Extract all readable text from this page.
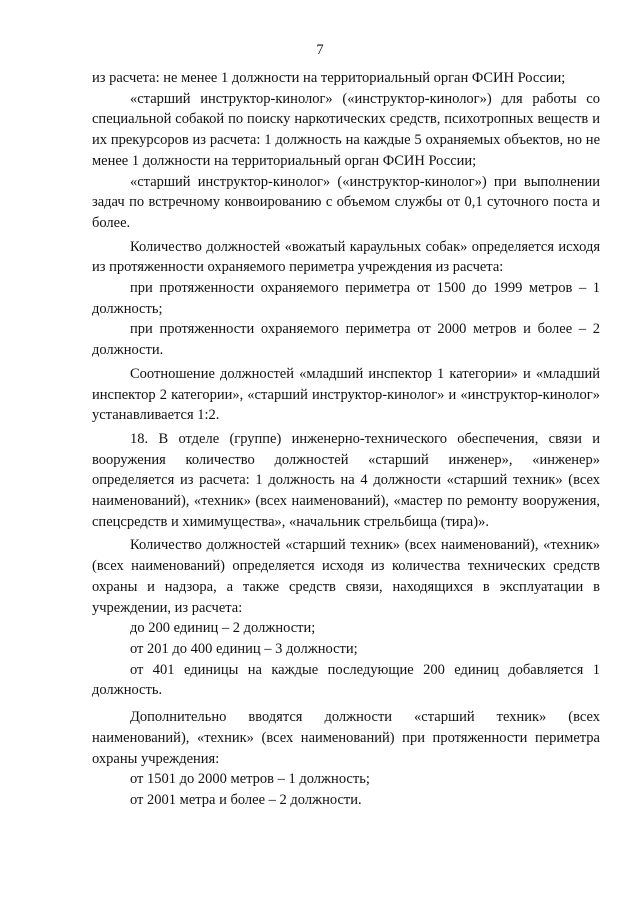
7

из расчета: не менее 1 должности на территориальный орган ФСИН России;

«старший инструктор-кинолог» («инструктор-кинолог») для работы со специальной собакой по поиску наркотических средств, психотропных веществ и их прекурсоров из расчета: 1 должность на каждые 5 охраняемых объектов, но не менее 1 должности на территориальный орган ФСИН России;

«старший инструктор-кинолог» («инструктор-кинолог») при выполнении задач по встречному конвоированию с объемом службы от 0,1 суточного поста и более.

Количество должностей «вожатый караульных собак» определяется исходя из протяженности охраняемого периметра учреждения из расчета:

при протяженности охраняемого периметра от 1500 до 1999 метров – 1 должность;

при протяженности охраняемого периметра от 2000 метров и более – 2 должности.

Соотношение должностей «младший инспектор 1 категории» и «младший инспектор 2 категории», «старший инструктор-кинолог» и «инструктор-кинолог» устанавливается 1:2.

18. В отделе (группе) инженерно-технического обеспечения, связи и вооружения количество должностей «старший инженер», «инженер» определяется из расчета: 1 должность на 4 должности «старший техник» (всех наименований), «техник» (всех наименований), «мастер по ремонту вооружения, спецсредств и химимущества», «начальник стрельбища (тира)».

Количество должностей «старший техник» (всех наименований), «техник» (всех наименований) определяется исходя из количества технических средств охраны и надзора, а также средств связи, находящихся в эксплуатации в учреждении, из расчета:

до 200 единиц – 2 должности;

от 201 до 400 единиц – 3 должности;

от 401 единицы на каждые последующие 200 единиц добавляется 1 должность.

Дополнительно вводятся должности «старший техник» (всех наименований), «техник» (всех наименований) при протяженности периметра охраны учреждения:

от 1501 до 2000 метров – 1 должность;

от 2001 метра и более – 2 должности.
